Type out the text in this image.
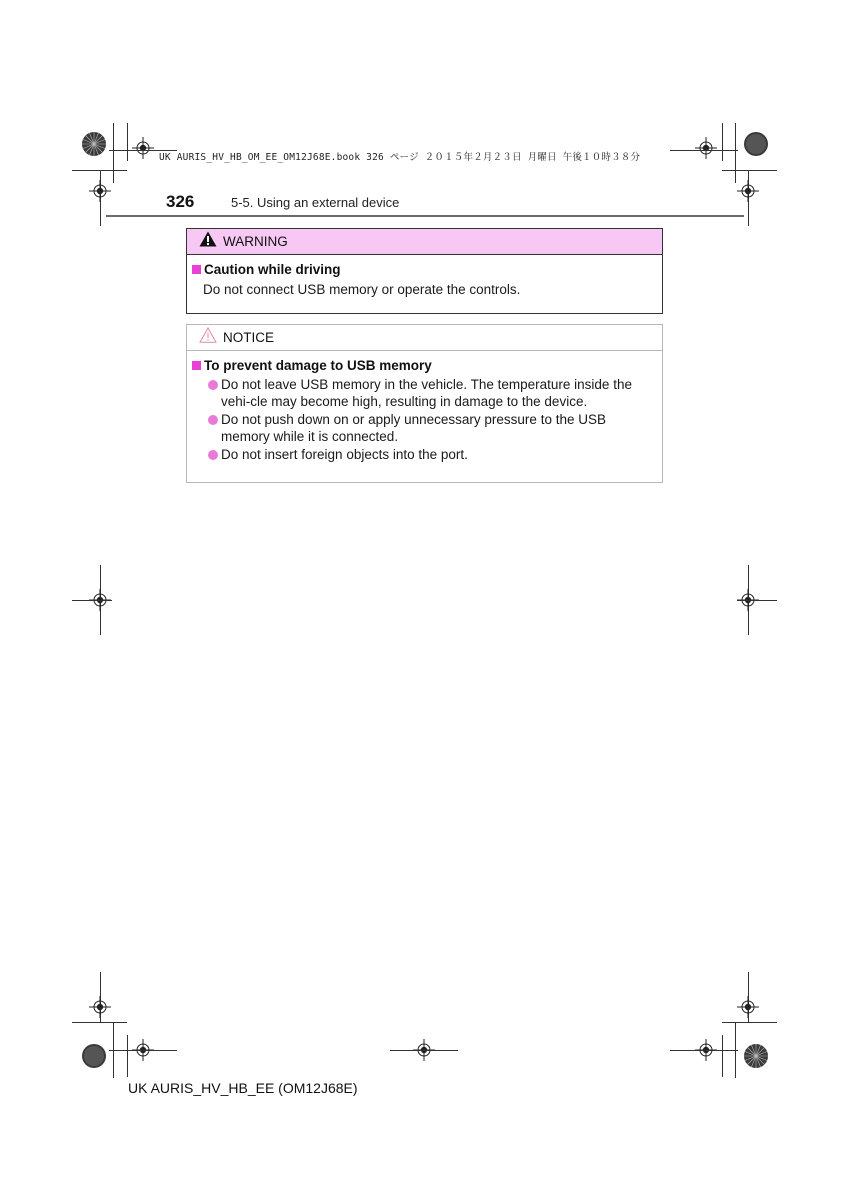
UK AURIS_HV_HB_OM_EE_OM12J68E.book 326 ページ ２０１５年２月２３日 月曜日 午後１０時３８分
326	5-5. Using an external device
WARNING
Caution while driving
Do not connect USB memory or operate the controls.
NOTICE
To prevent damage to USB memory
Do not leave USB memory in the vehicle. The temperature inside the vehi-cle may become high, resulting in damage to the device.
Do not push down on or apply unnecessary pressure to the USB memory while it is connected.
Do not insert foreign objects into the port.
UK AURIS_HV_HB_EE (OM12J68E)
